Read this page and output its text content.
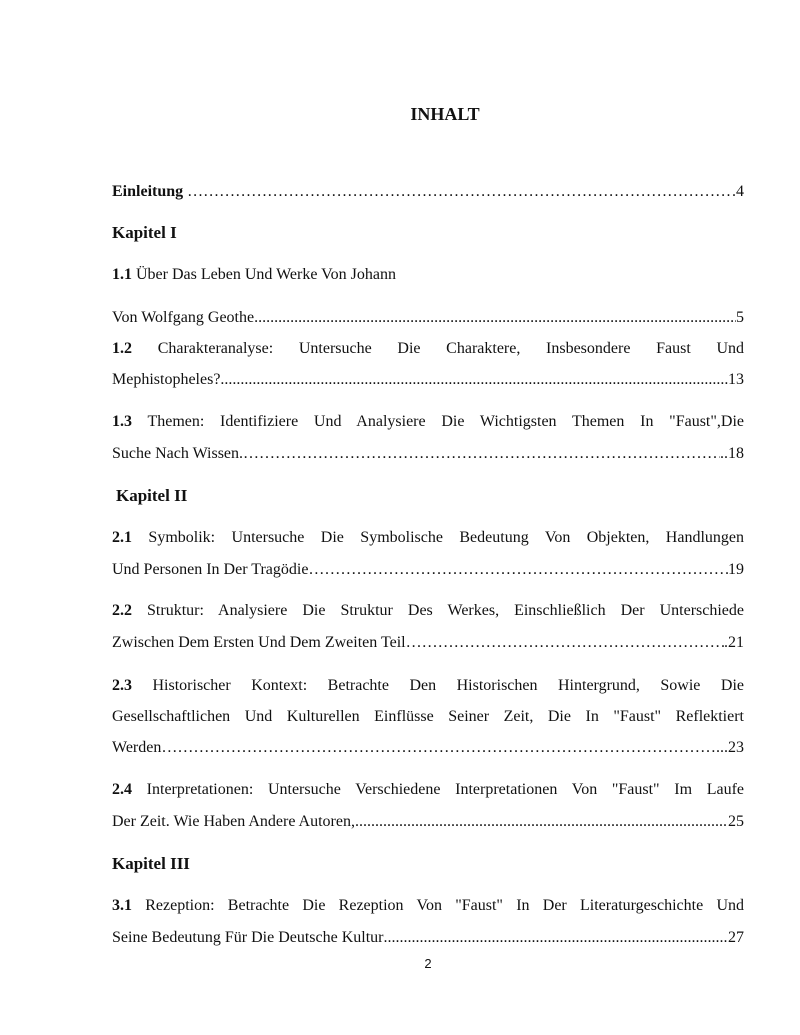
INHALT
Einleitung ……………………………………………………………………………………………………………………………………………………………………………	.4
Kapitel I
1.1 Über Das Leben Und Werke Von Johann
Von Wolfgang Geothe .....	5
1.2 Charakteranalyse: Untersuche Die Charaktere, Insbesondere Faust Und
Mephistopheles? .....	13
1.3 Themen: Identifiziere Und Analysiere Die Wichtigsten Themen In "Faust",Die
Suche Nach Wissen. ……………………………………………………………………………………………………………………………………………………………………………	..18
Kapitel II
2.1 Symbolik: Untersuche Die Symbolische Bedeutung Von Objekten, Handlungen
Und Personen In Der Tragödie ……………………………………………………………………………………………………………………………………………………………………………	19
2.2 Struktur: Analysiere Die Struktur Des Werkes, Einschließlich Der Unterschiede
Zwischen Dem Ersten Und Dem Zweiten Teil ……………………………………………………………………………………………………………………………………………………………………………	.21
2.3 Historischer Kontext: Betrachte Den Historischen Hintergrund, Sowie Die
Gesellschaftlichen Und Kulturellen Einflüsse Seiner Zeit, Die In "Faust" Reflektiert
Werden ……………………………………………………………………………………………………………………………………………………………………………	...23
2.4 Interpretationen: Untersuche Verschiedene Interpretationen Von "Faust" Im Laufe
Der Zeit. Wie Haben Andere Autoren, .....	25
Kapitel III
3.1 Rezeption: Betrachte Die Rezeption Von "Faust" In Der Literaturgeschichte Und
Seine Bedeutung Für Die Deutsche Kultur .....	27
2
